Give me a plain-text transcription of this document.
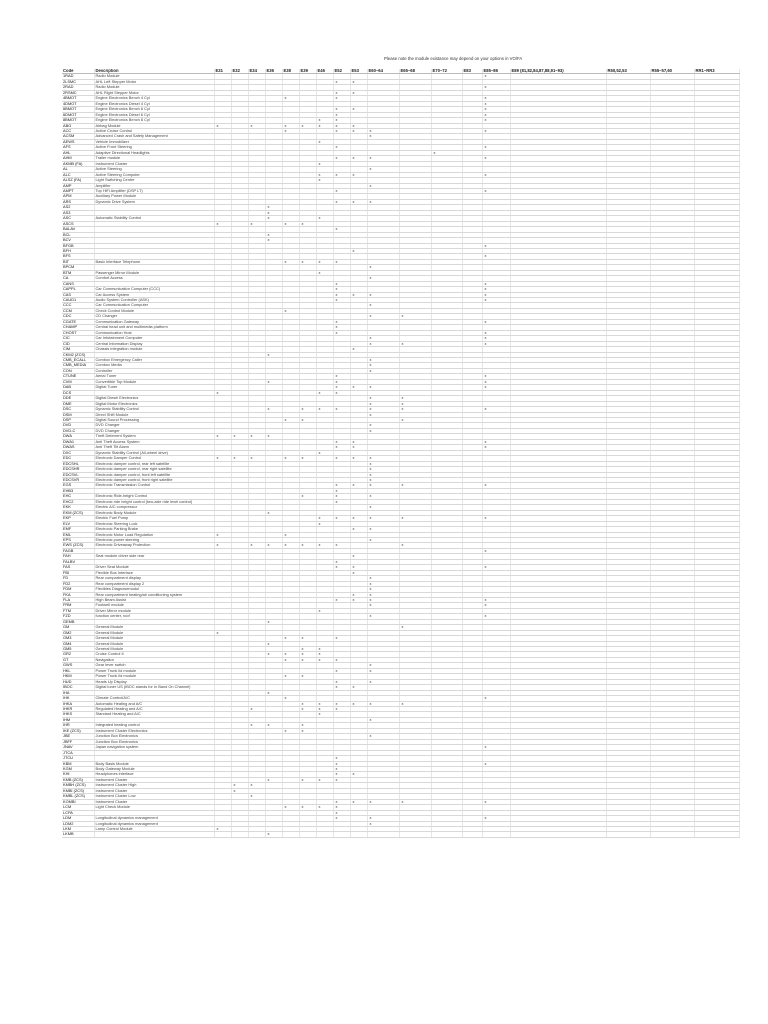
Please note the module existance may depend on your options in VO/FA
Code	Description	E31	E32	E34	E36	E38	E39	E46	E52	E53	E60–64	E65–68	E70–72	E83	E85–86	E89 (81,82,84,87,88,91–93)	R50,52,53	R55–57,60	RR1–RR3
1RAD	Radio Module														x				
2LSMC	AHL Left Stepper Motor								x	x									
2RAD	Radio Module														x				
2RSMC	AHL Right Stepper Motor								x	x									
4BMOT	Engine Electronics Bench 4 Cyl					x			x						x				
4DMOT	Engine Electronics Diesel 4 Cyl														x				
6BMOT	Engine Electronics Bench 6 Cyl								x	x					x				
6DMOT	Engine Electronics Diesel 6 Cyl								x						x				
8BMOT	Engine Electronics Bench 8 Cyl							x	x						x				
ABG	Airbag Module	x		x		x	x	x	x	x									
ACC	Active Cruise Control					x			x	x	x				x				
ACSM	Advanced Crash and Safety Management										x								
AEWS	Vehicle Immobilizer							x											
AFS	Active Front Steering								x						x				
AHL	Adaptive Directional Headlights												x						
AHM	Trailer module								x	x	x				x				
AKMB (FA)	Instrument Cluster							x											
AL	Active Steering										x								
ALC	Active Steering Computer							x	x	x					x				
ALSZ (FA)	Light Switching Centre							x											
AMP	Amplifier										x								
AMPT	Top HiFi Amplifier (DSP LT)								x						x				
APM	Auxiliary Power Module																		
ARS	Dynamic Drive System								x	x	x								
AS2					x														
AS3					x														
ASC	Automatic Stability Control				x			x											
ASCS		x		x		x	x												
BALAV									x										
BCL					x														
BCV					x														
BFGB															x				
BFH										x									
BFS															x				
BIT	Basic Interface Telephone					x	x	x	x										
BPCM											x								
BTM	Passenger Mirror Module							x											
CA	Comfort Access										x								
CANS									x						x				
CAPPL	Car Communication Computer (CCC)								x						x				
CAS	Car Access System								x	x	x				x				
CAUD1	Audio System Controller (ASK)								x						x				
CCC	Car Communication Computer										x								
CCM	Check Control Module					x													
CDC	CD Changer										x	x							
CGATE	Communication Gateway								x						x				
CHAMP	Central head unit and multimedia platform								x										
CHOST	Communication Host								x						x				
CIC	Car Infotainment Computer										x				x				
CID	Central Information Display										x	x			x				
CIM	Chassis integration module									x									
CKM2 (ZCS)					x														
CMB_ECALL	Combox Emergency Caller										x								
CMB_MEDIA	Combox Media										x								
CON	Controller										x								
CTUNE	Aerial Tuner								x						x				
CVM	Convertible Top Module				x				x						x				
DAB	Digital Tuner								x	x	x				x				
DCS		x						x	x										
DDE	Digital Diesel Electronics										x	x							
DME	Digital Motor Electronics										x	x							
DSC	Dynamic Stability Control				x		x	x	x		x	x			x				
DSM	Direct Shift Module										x								
DSP	Digital Sound Processing					x	x					x							
DVD	DVD Changer										x								
DVD-C	DVD Changer										x								
DWA	Theft Deterrent System	x	x	x	x														
DWA1	Anti Theft Access System								x	x					x				
DWAS	Anti Theft Tilt Alarm								x	x					x				
DXC	Dynamic Stability Control (All-wheel drive)							x											
EDC	Electronic Damper Control	x	x	x		x	x		x	x	x								
EDCSHL	Electronic damper control, rear left satellite										x								
EDCSHR	Electronic damper control, rear right satellite										x								
EDCSVL	Electronic damper control, front left satellite										x								
EDCSVR	Electronic damper control, front right satellite										x								
EGS	Electronic Transmission Control								x	x	x	x			x				
EHB3									x										
EHC	Electronic Ride-height Control						x		x		x								
EHC2	Electronic ride height control (two-axle ride level control)								x										
EKK	Electric A/C compressor										x								
EKM (ZCS)	Electronic Body Module				x														
EKP	Electric Fuel Pump							x	x	x	x	x			x				
ELV	Electronic Steering Lock							x											
EMF	Electronic Parking Brake									x	x								
EML	Electronic Motor Load Regulation	x				x													
EPS	Electronic power steering										x								
EWS (ZCS)	Electronic Driveaway Protection	x		x	x	x	x	x	x			x							
FAGB															x				
FAH	Seat module driver side rear									x									
FALBV									x										
FAS	Driver Seat Module								x	x					x				
FBI	Flexible Bus Interface									x									
FD	Rear compartment display										x								
FD2	Rear compartment display 2										x								
FDM	Flexibles Diagnosemodul										x								
FKA	Rear compartment heating/air conditioning system									x	x								
FLA	High Beam Assist								x	x	x				x				
FRM	Footwell module										x				x				
FTM	Driver Mirror module							x											
FZD	function center, roof										x				x				
GEMB					x														
GM	General Module											x							
GM2	General Module	x																	
GM3	General Module					x	x		x										
GM4	General Module				x														
GM5	General Module						x	x											
GR2	Cruise Control II				x	x	x	x											
GT	Navigation					x	x	x	x										
GWS	Gear lever switch										x								
HKL	Power Trunk lid module								x		x								
HKM	Power Trunk lid module					x	x												
HUD	Heads Up Display								x		x								
IBOC	Digital tuner US (IBOC stands for In Band On Channel)								x	x									
IHA					x														
IHK	Climate Control/A/C					x									x				
IHKA	Automatic Heating and A/C						x	x	x	x	x	x							
IHKR	Regulated Heating and A/C			x			x	x	x										
IHKS	Standard Heating and A/C							x											
IHM											x								
IHR	Integrated heating control			x	x		x												
IKE (ZCS)	Instrument Cluster Electronics					x	x												
JBE	Junction Box Electronics										x								
JBFF	Junction Box Electronics																		
JNAV	Japan navigation system														x				
JTCA																			
JTCU									x										
KBM	Body Basis Module								x						x				
KGM	Body Gateway Module								x										
KHI	Headphones interface								x	x									
KMB (ZCS)	Instrument Cluster				x		x	x	x										
KMBH (ZCS)	Instrument Cluster High		x	x															
KMBI (ZCS)	Instrument Cluster		x																
KMBL (ZCS)	Instrument Cluster Low			x															
KOMBI	Instrument Cluster								x	x	x	x			x				
LCM	Light Check Module					x	x	x	x										
LCPA									x										
LDM	Longitudinal dynamics management								x		x				x				
LDM2	Longitudinal dynamics management										x								
LKM	Lamp Control Module	x																	
LKMB					x														
